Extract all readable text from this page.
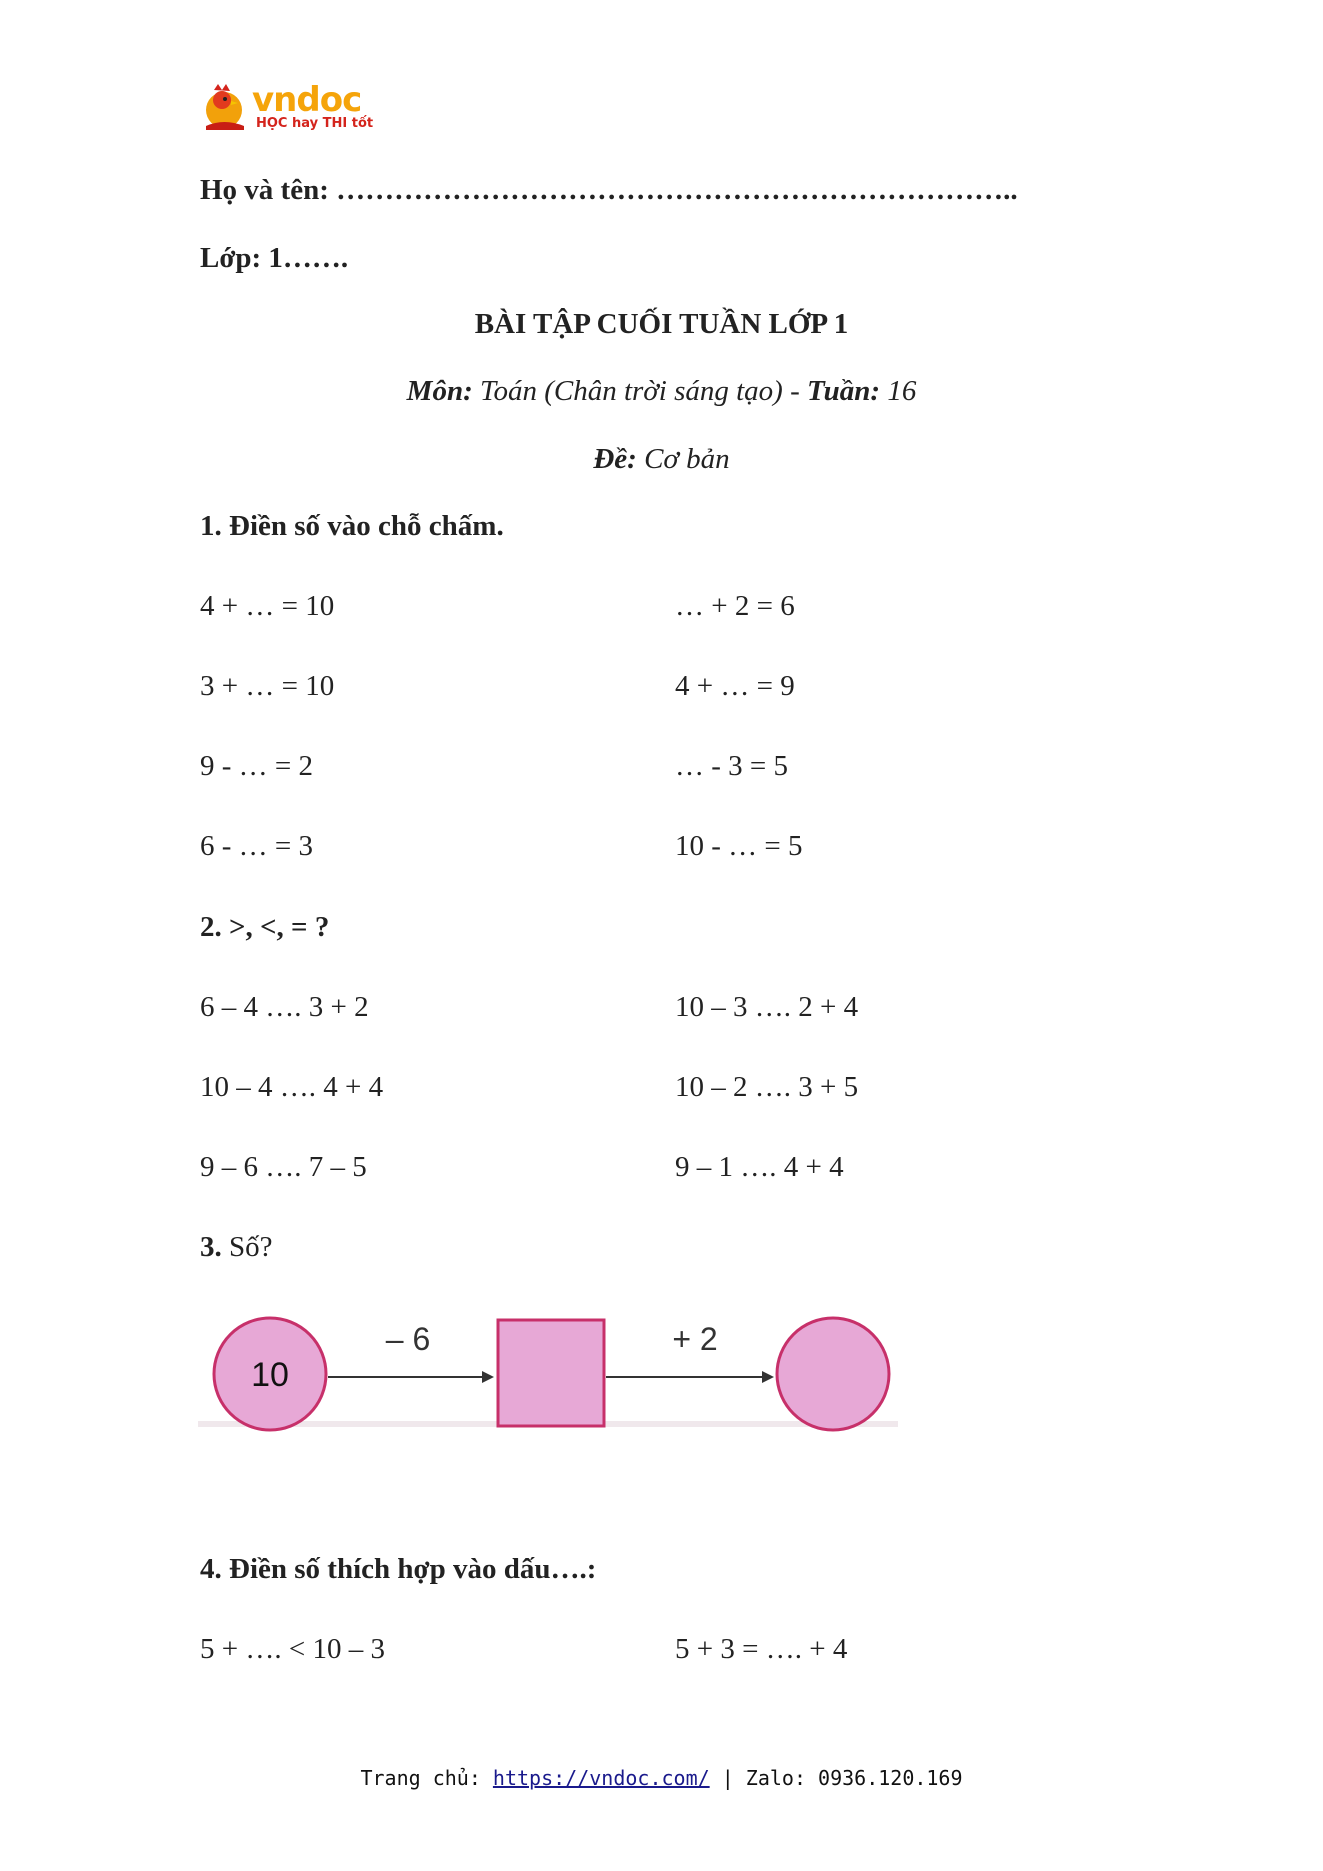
vndoc
HỌC hay THI tốt
Họ và tên: ……………………………………………………………..
Lớp: 1…….
BÀI TẬP CUỐI TUẦN LỚP 1
Môn: Toán (Chân trời sáng tạo) - Tuần: 16
Đề: Cơ bản
1. Điền số vào chỗ chấm.
4 + … = 10	… + 2 = 6
3 + … = 10	4 + … = 9
9 - … = 2	… - 3 = 5
6 - … = 3	10 - … = 5
2. >, <, = ?
6 – 4 …. 3 + 2	10 – 3 …. 2 + 4
10 – 4 …. 4 + 4	10 – 2 …. 3 + 5
9 – 6 …. 7 – 5	9 – 1 …. 4 + 4
3. Số?
10
– 6	+ 2
4. Điền số thích hợp vào dấu….:
5 + …. < 10 – 3	5 + 3 = …. + 4
Trang chủ: https://vndoc.com/ | Zalo: 0936.120.169
